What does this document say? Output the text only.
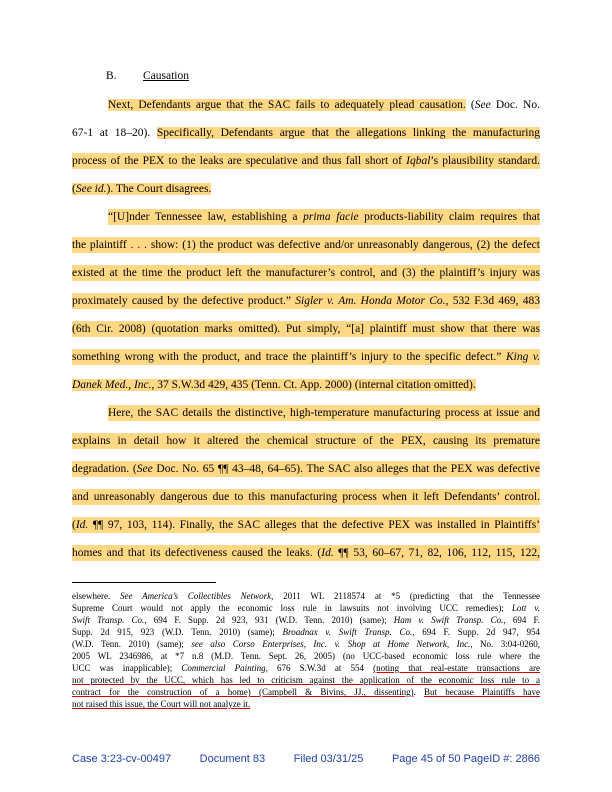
B. Causation
Next, Defendants argue that the SAC fails to adequately plead causation. (See Doc. No.
67-1 at 18–20). Specifically, Defendants argue that the allegations linking the manufacturing
process of the PEX to the leaks are speculative and thus fall short of Iqbal’s plausibility standard.
(See id.). The Court disagrees.
“[U]nder Tennessee law, establishing a prima facie products-liability claim requires that
the plaintiff . . . show: (1) the product was defective and/or unreasonably dangerous, (2) the defect
existed at the time the product left the manufacturer’s control, and (3) the plaintiff’s injury was
proximately caused by the defective product.” Sigler v. Am. Honda Motor Co., 532 F.3d 469, 483
(6th Cir. 2008) (quotation marks omitted). Put simply, “[a] plaintiff must show that there was
something wrong with the product, and trace the plaintiff’s injury to the specific defect.” King v.
Danek Med., Inc., 37 S.W.3d 429, 435 (Tenn. Ct. App. 2000) (internal citation omitted).
Here, the SAC details the distinctive, high-temperature manufacturing process at issue and
explains in detail how it altered the chemical structure of the PEX, causing its premature
degradation. (See Doc. No. 65 ¶¶ 43–48, 64–65). The SAC also alleges that the PEX was defective
and unreasonably dangerous due to this manufacturing process when it left Defendants’ control.
(Id. ¶¶ 97, 103, 114). Finally, the SAC alleges that the defective PEX was installed in Plaintiffs’
homes and that its defectiveness caused the leaks. (Id. ¶¶ 53, 60–67, 71, 82, 106, 112, 115, 122,
elsewhere. See America’s Collectibles Network, 2011 WL 2118574 at *5 (predicting that the Tennessee
Supreme Court would not apply the economic loss rule in lawsuits not involving UCC remedies); Lott v.
Swift Transp. Co., 694 F. Supp. 2d 923, 931 (W.D. Tenn. 2010) (same); Ham v. Swift Transp. Co., 694 F.
Supp. 2d 915, 923 (W.D. Tenn. 2010) (same); Broadnax v. Swift Transp. Co., 694 F. Supp. 2d 947, 954
(W.D. Tenn. 2010) (same); see also Corso Enterprises, Inc. v. Shop at Home Network, Inc., No. 3:04-0260,
2005 WL 2346986, at *7 n.8 (M.D. Tenn. Sept. 26, 2005) (no UCC-based economic loss rule where the
UCC was inapplicable); Commercial Painting, 676 S.W.3d at 554 (noting that real-estate transactions are
not protected by the UCC, which has led to criticism against the application of the economic loss rule to a
contract for the construction of a home) (Campbell & Bivins, JJ., dissenting). But because Plaintiffs have
not raised this issue, the Court will not analyze it.
Case 3:23-cv-00497	Document 83	Filed 03/31/25	Page 45 of 50 PageID #: 2866
